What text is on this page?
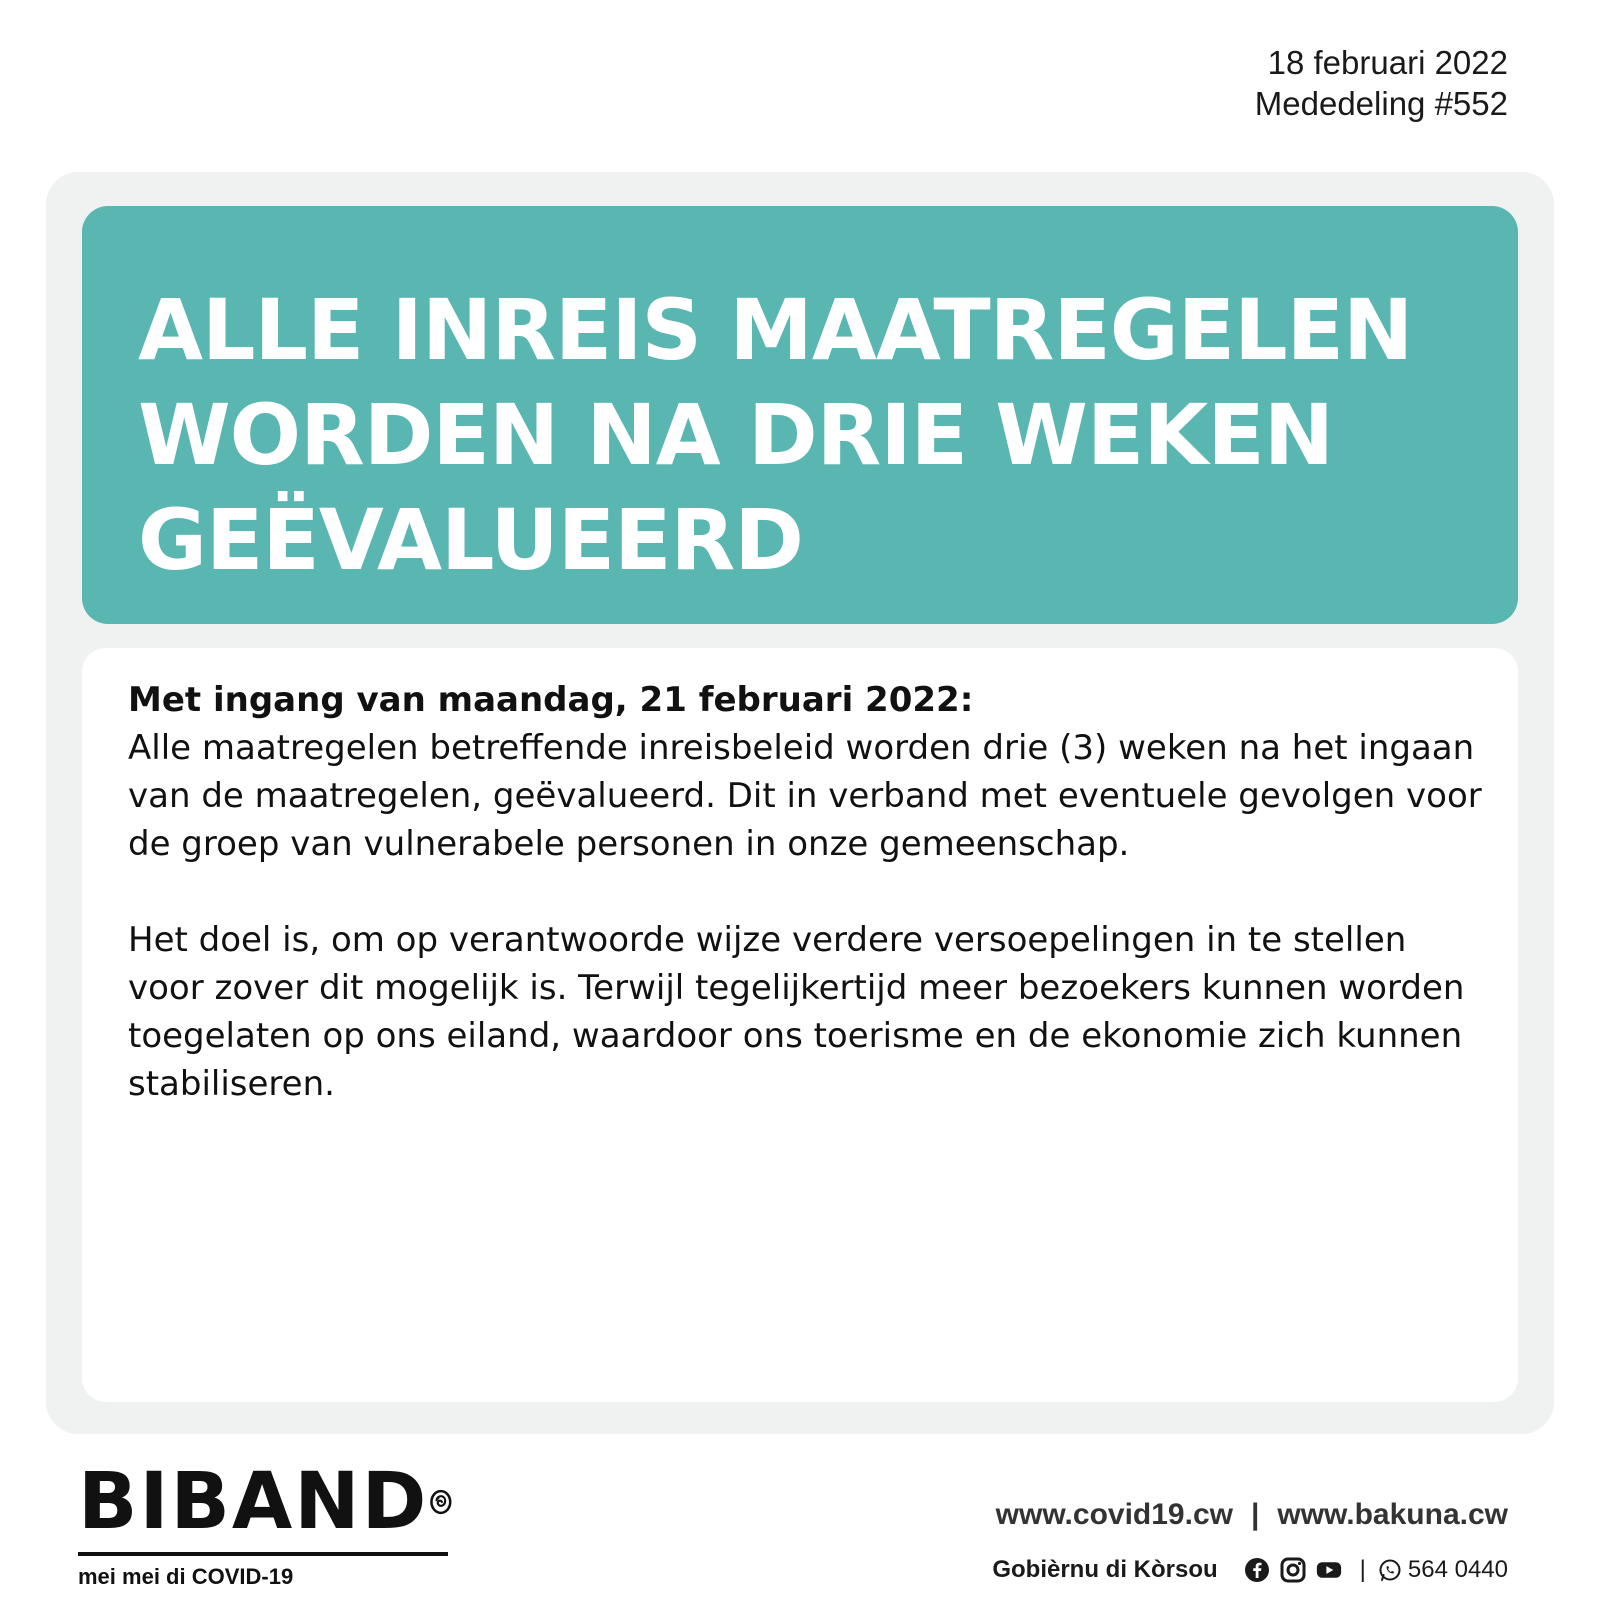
18 februari 2022
Mededeling #552
ALLE INREIS MAATREGELEN
WORDEN NA DRIE WEKEN
GEËVALUEERD

Met ingang van maandag, 21 februari 2022:
Alle maatregelen betreffende inreisbeleid worden drie (3) weken na het ingaan van de maatregelen, geëvalueerd. Dit in verband met eventuele gevolgen voor de groep van vulnerabele personen in onze gemeenschap.

Het doel is, om op verantwoorde wijze verdere versoepelingen in te stellen voor zover dit mogelijk is. Terwijl tegelijkertijd meer bezoekers kunnen worden toegelaten op ons eiland, waardoor ons toerisme en de ekonomie zich kunnen stabiliseren.

BIBAND
mei mei di COVID-19
www.covid19.cw | www.bakuna.cw
Gobièrnu di Kòrsou	| 564 0440
